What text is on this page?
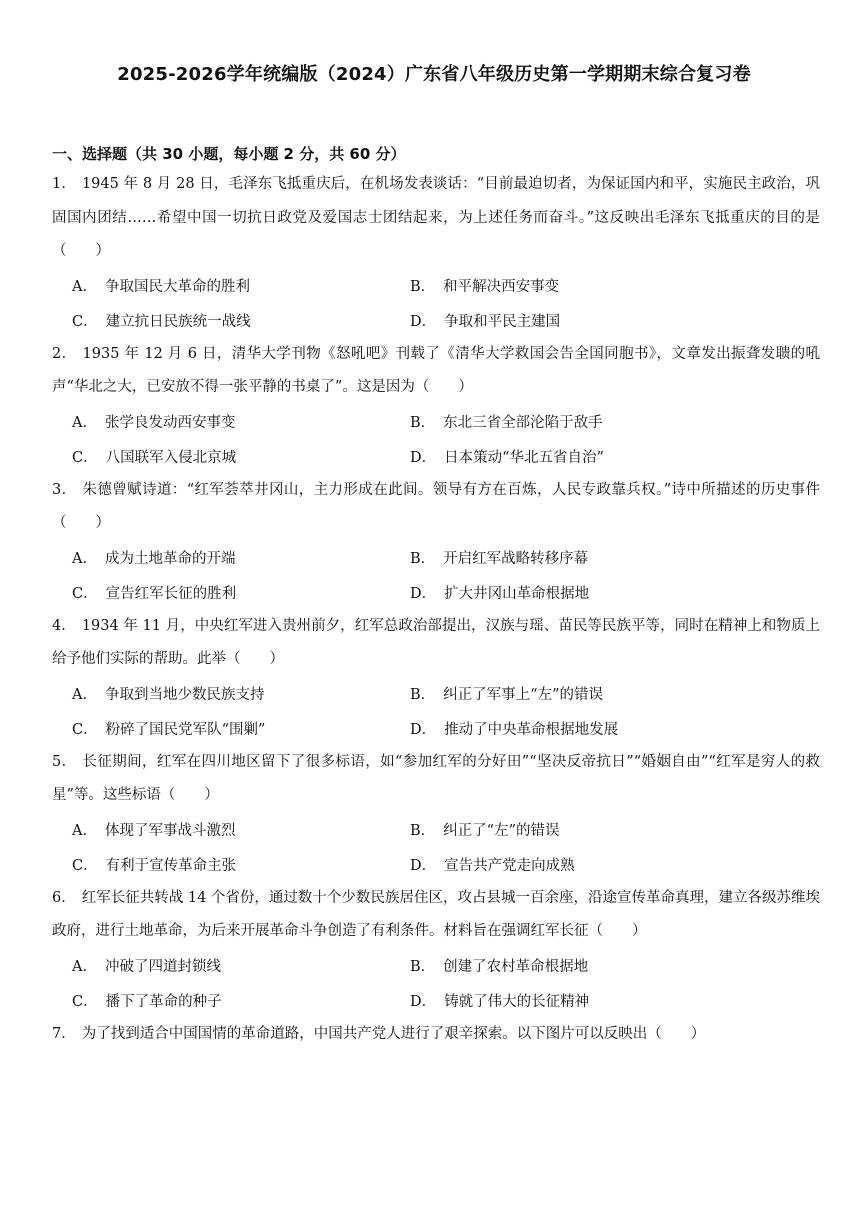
2025-2026学年统编版（2024）广东省八年级历史第一学期期末综合复习卷
一、选择题（共 30 小题，每小题 2 分，共 60 分）
1． 1945 年 8 月 28 日，毛泽东飞抵重庆后，在机场发表谈话：“目前最迫切者，为保证国内和平，实施民主政治，巩固国内团结……希望中国一切抗日政党及爱国志士团结起来，为上述任务而奋斗。”这反映出毛泽东飞抵重庆的目的是（　　）
A． 争取国民大革命的胜利	B． 和平解决西安事变
C． 建立抗日民族统一战线	D． 争取和平民主建国
2． 1935 年 12 月 6 日，清华大学刊物《怒吼吧》刊载了《清华大学救国会告全国同胞书》，文章发出振聋发聩的吼声“华北之大，已安放不得一张平静的书桌了”。这是因为（　　）
A． 张学良发动西安事变	B． 东北三省全部沦陷于敌手
C． 八国联军入侵北京城	D． 日本策动“华北五省自治”
3． 朱德曾赋诗道：“红军荟萃井冈山，主力形成在此间。领导有方在百炼，人民专政靠兵权。”诗中所描述的历史事件（　　）
A． 成为土地革命的开端	B． 开启红军战略转移序幕
C． 宣告红军长征的胜利	D． 扩大井冈山革命根据地
4． 1934 年 11 月，中央红军进入贵州前夕，红军总政治部提出，汉族与瑶、苗民等民族平等，同时在精神上和物质上给予他们实际的帮助。此举（　　）
A． 争取到当地少数民族支持	B． 纠正了军事上“左”的错误
C． 粉碎了国民党军队“围剿”	D． 推动了中央革命根据地发展
5． 长征期间，红军在四川地区留下了很多标语，如“参加红军的分好田”“坚决反帝抗日”“婚姻自由”“红军是穷人的救星”等。这些标语（　　）
A． 体现了军事战斗激烈	B． 纠正了“左”的错误
C． 有利于宣传革命主张	D． 宣告共产党走向成熟
6． 红军长征共转战 14 个省份，通过数十个少数民族居住区，攻占县城一百余座，沿途宣传革命真理，建立各级苏维埃政府，进行土地革命，为后来开展革命斗争创造了有利条件。材料旨在强调红军长征（　　）
A． 冲破了四道封锁线	B． 创建了农村革命根据地
C． 播下了革命的种子	D． 铸就了伟大的长征精神
7． 为了找到适合中国国情的革命道路，中国共产党人进行了艰辛探索。以下图片可以反映出（　　）
